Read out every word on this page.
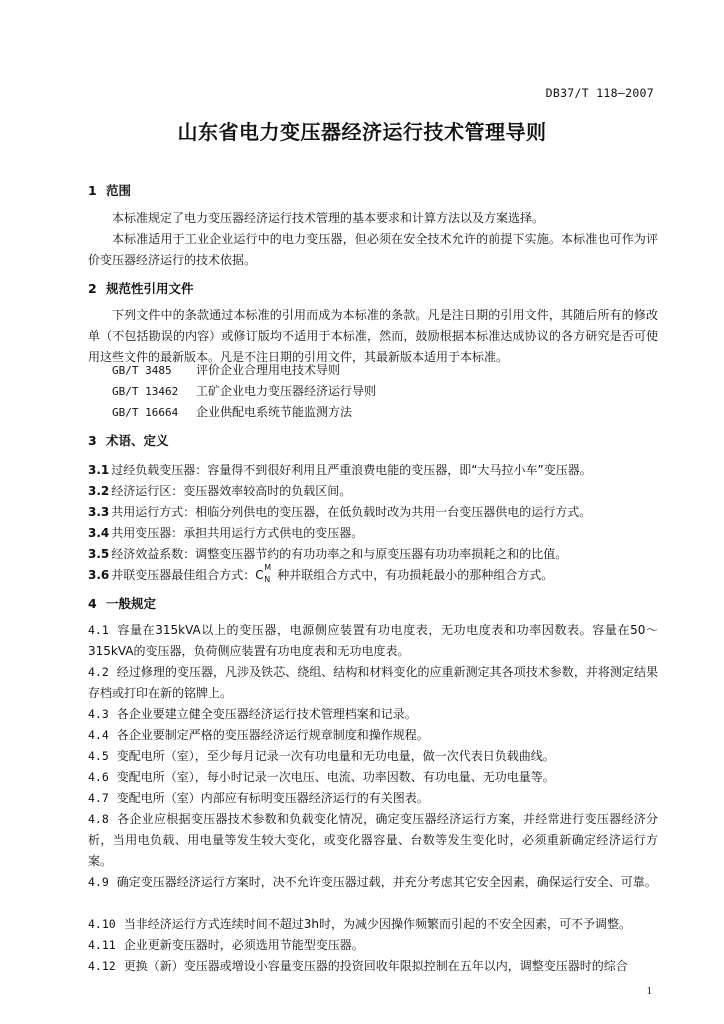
DB37/T 118—2007
山东省电力变压器经济运行技术管理导则
1 范围
本标准规定了电力变压器经济运行技术管理的基本要求和计算方法以及方案选择。
本标准适用于工业企业运行中的电力变压器，但必须在安全技术允许的前提下实施。本标准也可作为评价变压器经济运行的技术依据。
2 规范性引用文件
下列文件中的条款通过本标准的引用而成为本标准的条款。凡是注日期的引用文件，其随后所有的修改单（不包括勘误的内容）或修订版均不适用于本标准，然而，鼓励根据本标准达成协议的各方研究是否可使用这些文件的最新版本。凡是不注日期的引用文件，其最新版本适用于本标准。
GB/T 3485 评价企业合理用电技术导则
GB/T 13462 工矿企业电力变压器经济运行导则
GB/T 16664 企业供配电系统节能监测方法
3 术语、定义
3.1 过经负载变压器：容量得不到很好利用且严重浪费电能的变压器，即“大马拉小车”变压器。
3.2 经济运行区：变压器效率较高时的负载区间。
3.3 共用运行方式：相临分列供电的变压器，在低负载时改为共用一台变压器供电的运行方式。
3.4 共用变压器：承担共用运行方式供电的变压器。
3.5 经济效益系数：调整变压器节约的有功功率之和与原变压器有功功率损耗之和的比值。
3.6 并联变压器最佳组合方式：C
M
N 种并联组合方式中，有功损耗最小的那种组合方式。
4 一般规定
4.1 容量在315kVA以上的变压器，电源侧应装置有功电度表，无功电度表和功率因数表。容量在50～315kVA的变压器，负荷侧应装置有功电度表和无功电度表。
4.2 经过修理的变压器，凡涉及铁芯、绕组、结构和材料变化的应重新测定其各项技术参数，并将测定结果存档或打印在新的铭牌上。
4.3 各企业要建立健全变压器经济运行技术管理档案和记录。
4.4 各企业要制定严格的变压器经济运行规章制度和操作规程。
4.5 变配电所（室），至少每月记录一次有功电量和无功电量，做一次代表日负载曲线。
4.6 变配电所（室），每小时记录一次电压、电流、功率因数、有功电量、无功电量等。
4.7 变配电所（室）内部应有标明变压器经济运行的有关图表。
4.8 各企业应根据变压器技术参数和负载变化情况，确定变压器经济运行方案，并经常进行变压器经济分析，当用电负载、用电量等发生较大变化，或变化器容量、台数等发生变化时，必须重新确定经济运行方案。
4.9 确定变压器经济运行方案时，决不允许变压器过载，并充分考虑其它安全因素，确保运行安全、可靠。
4.10 当非经济运行方式连续时间不超过3h时，为减少因操作频繁而引起的不安全因素，可不予调整。
4.11 企业更新变压器时，必须选用节能型变压器。
4.12 更换（新）变压器或增设小容量变压器的投资回收年限拟控制在五年以内，调整变压器时的综合
1
